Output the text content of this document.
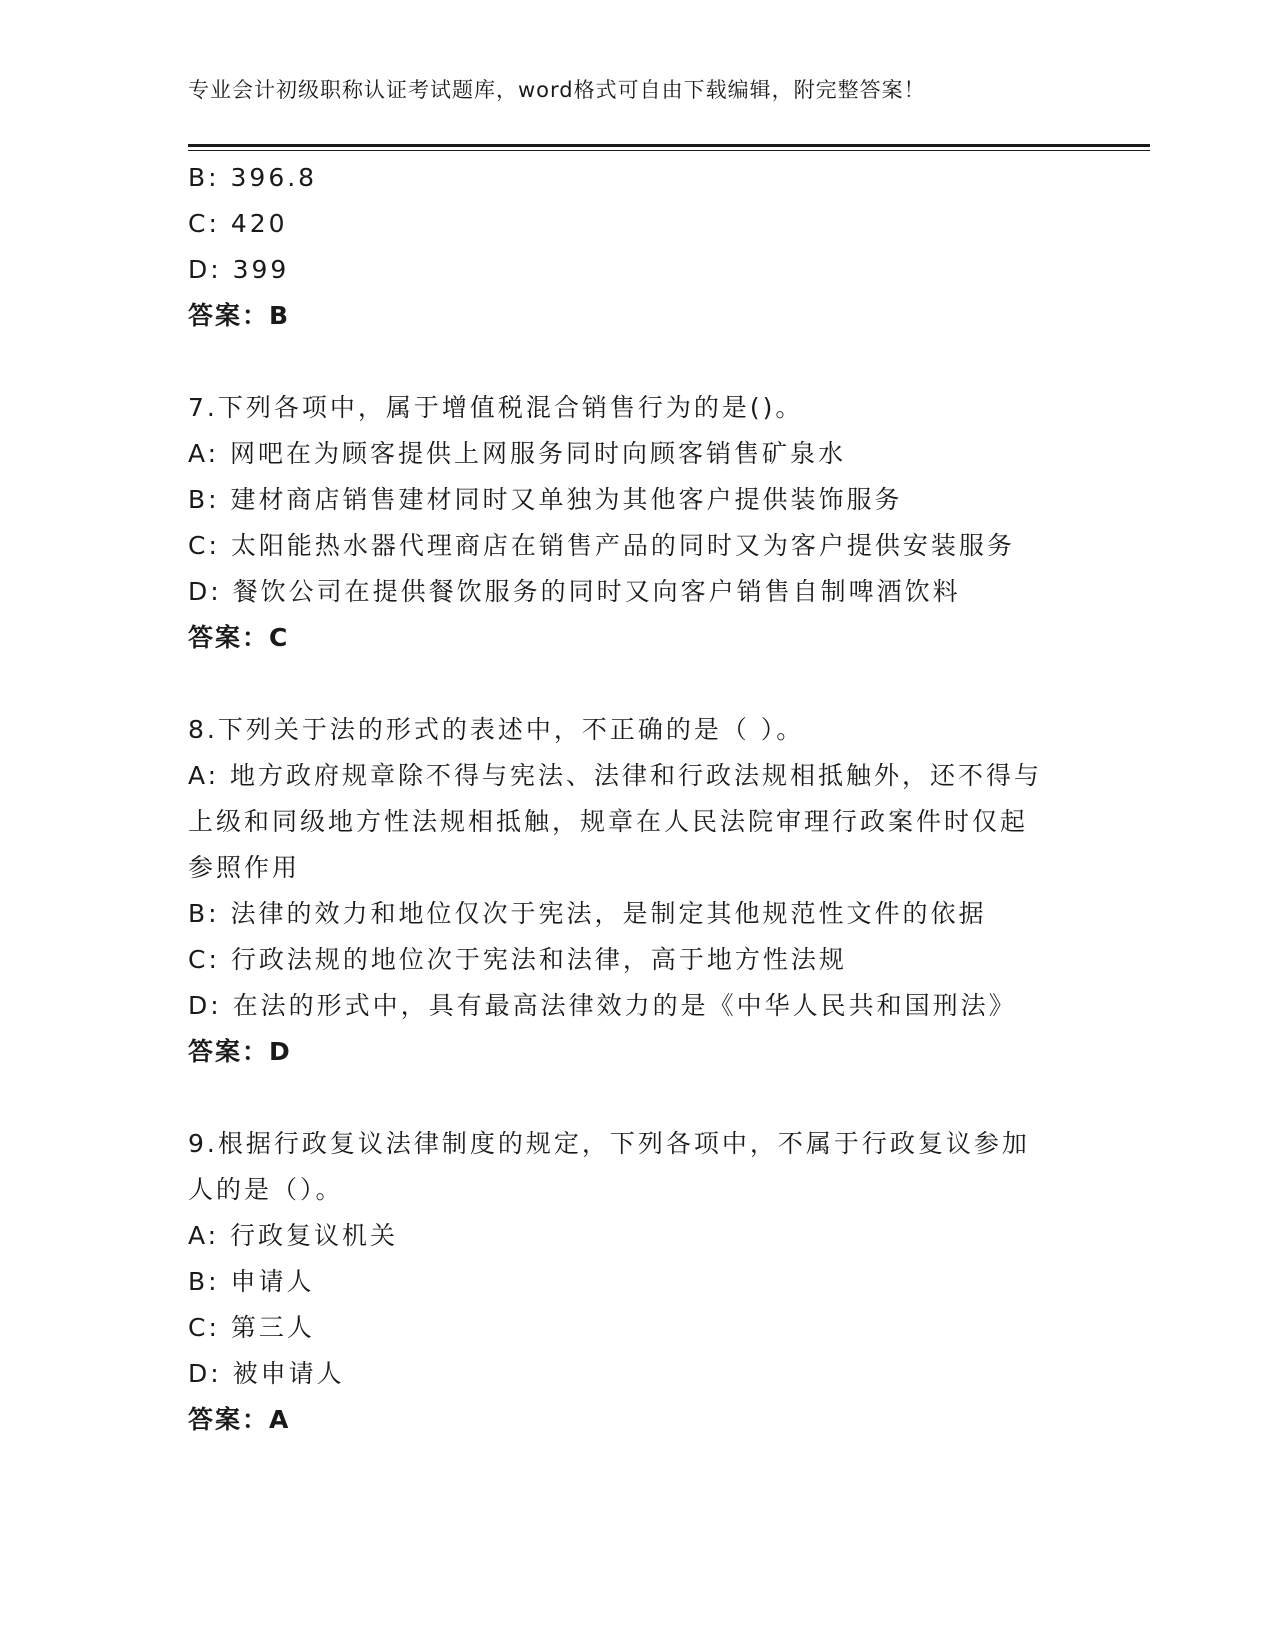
专业会计初级职称认证考试题库，word格式可自由下载编辑，附完整答案！
B: 396.8
C: 420
D: 399
答案：B
7.下列各项中，属于增值税混合销售行为的是()。
A: 网吧在为顾客提供上网服务同时向顾客销售矿泉水
B: 建材商店销售建材同时又单独为其他客户提供装饰服务
C: 太阳能热水器代理商店在销售产品的同时又为客户提供安装服务
D: 餐饮公司在提供餐饮服务的同时又向客户销售自制啤酒饮料
答案：C
8.下列关于法的形式的表述中，不正确的是（ ）。
A: 地方政府规章除不得与宪法、法律和行政法规相抵触外，还不得与上级和同级地方性法规相抵触，规章在人民法院审理行政案件时仅起参照作用
B: 法律的效力和地位仅次于宪法，是制定其他规范性文件的依据
C: 行政法规的地位次于宪法和法律，高于地方性法规
D: 在法的形式中，具有最高法律效力的是《中华人民共和国刑法》
答案：D
9.根据行政复议法律制度的规定，下列各项中，不属于行政复议参加人的是（）。
A: 行政复议机关
B: 申请人
C: 第三人
D: 被申请人
答案：A
